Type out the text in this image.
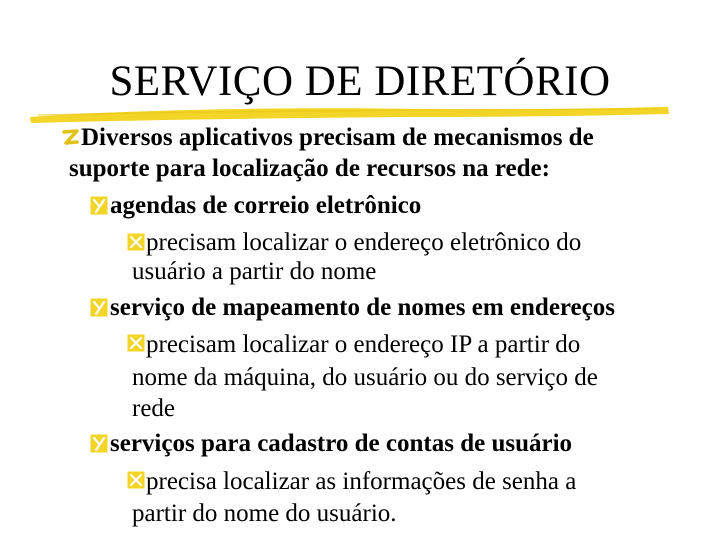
SERVIÇO DE DIRETÓRIO
Diversos aplicativos precisam de mecanismos de
suporte para localização de recursos na rede:
agendas de correio eletrônico
precisam localizar o endereço eletrônico do
usuário a partir do nome
serviço de mapeamento de nomes em endereços
precisam localizar o endereço IP a partir do
nome da máquina, do usuário ou do serviço de
rede
serviços para cadastro de contas de usuário
precisa localizar as informações de senha a
partir do nome do usuário.
